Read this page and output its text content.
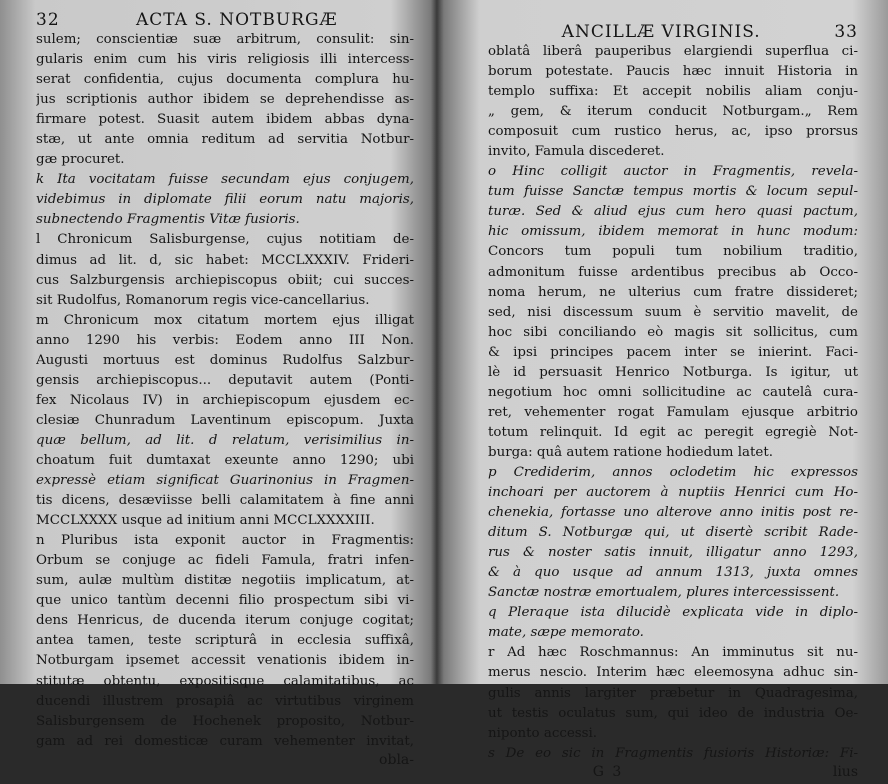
32	ACTA S. NOTBURGÆ
sulem; conscientiæ suæ arbitrum, consulit: sin-
gularis enim cum his viris religiosis illi intercess-
serat confidentia, cujus documenta complura hu-
jus scriptionis author ibidem se deprehendisse as-
firmare potest. Suasit autem ibidem abbas dyna-
stæ, ut ante omnia reditum ad servitia Notbur-
gæ procuret.
k Ita vocitatam fuisse secundam ejus conjugem,
videbimus in diplomate filii eorum natu majoris,
subnectendo Fragmentis Vitæ fusioris.
l Chronicum Salisburgense, cujus notitiam de-
dimus ad lit. d, sic habet: MCCLXXXIV. Frideri-
cus Salzburgensis archiepiscopus obiit; cui succes-
sit Rudolfus, Romanorum regis vice-cancellarius.
m Chronicum mox citatum mortem ejus illigat
anno 1290 his verbis: Eodem anno III Non.
Augusti mortuus est dominus Rudolfus Salzbur-
gensis archiepiscopus... deputavit autem (Ponti-
fex Nicolaus IV) in archiepiscopum ejusdem ec-
clesiæ Chunradum Laventinum episcopum. Juxta
quæ bellum, ad lit. d relatum, verisimilius in-
choatum fuit dumtaxat exeunte anno 1290; ubi
expressè etiam significat Guarinonius in Fragmen-
tis dicens, desæviisse belli calamitatem à fine anni
MCCLXXXX usque ad initium anni MCCLXXXXIII.
n Pluribus ista exponit auctor in Fragmentis:
Orbum se conjuge ac fideli Famula, fratri infen-
sum, aulæ multùm distitæ negotiis implicatum, at-
que unico tantùm decenni filio prospectum sibi vi-
dens Henricus, de ducenda iterum conjuge cogitat;
antea tamen, teste scripturâ in ecclesia suffixâ,
Notburgam ipsemet accessit venationis ibidem in-
stitutæ obtentu, expositisque calamitatibus, ac
ducendi illustrem prosapiâ ac virtutibus virginem
Salisburgensem de Hochenek proposito, Notbur-
gam ad rei domesticæ curam vehementer invitat,
obla-
ANCILLÆ VIRGINIS.	33
oblatâ liberâ pauperibus elargiendi superflua ci-
borum potestate. Paucis hæc innuit Historia in
templo suffixa: Et accepit nobilis aliam conju-
„ gem, & iterum conducit Notburgam.„ Rem
composuit cum rustico herus, ac, ipso prorsus
invito, Famula discederet.
o Hinc colligit auctor in Fragmentis, revela-
tum fuisse Sanctæ tempus mortis & locum sepul-
turæ. Sed & aliud ejus cum hero quasi pactum,
hic omissum, ibidem memorat in hunc modum:
Concors tum populi tum nobilium traditio,
admonitum fuisse ardentibus precibus ab Occo-
noma herum, ne ulterius cum fratre dissideret;
sed, nisi discessum suum è servitio mavelit, de
hoc sibi conciliando eò magis sit sollicitus, cum
& ipsi principes pacem inter se inierint. Faci-
lè id persuasit Henrico Notburga. Is igitur, ut
negotium hoc omni sollicitudine ac cautelâ cura-
ret, vehementer rogat Famulam ejusque arbitrio
totum relinquit. Id egit ac peregit egregiè Not-
burga: quâ autem ratione hodiedum latet.
p Crediderim, annos oclodetim hic expressos
inchoari per auctorem à nuptiis Henrici cum Ho-
chenekia, fortasse uno alterove anno initis post re-
ditum S. Notburgæ qui, ut disertè scribit Rade-
rus & noster satis innuit, illigatur anno 1293,
& à quo usque ad annum 1313, juxta omnes
Sanctæ nostræ emortualem, plures intercessissent.
q Pleraque ista dilucidè explicata vide in diplo-
mate, sæpe memorato.
r Ad hæc Roschmannus: An imminutus sit nu-
merus nescio. Interim hæc eleemosyna adhuc sin-
gulis annis largiter præbetur in Quadragesima,
ut testis oculatus sum, qui ideo de industria Oe-
niponto accessi.
s De eo sic in Fragmentis fusioris Historiæ: Fi-
G 3	lius
